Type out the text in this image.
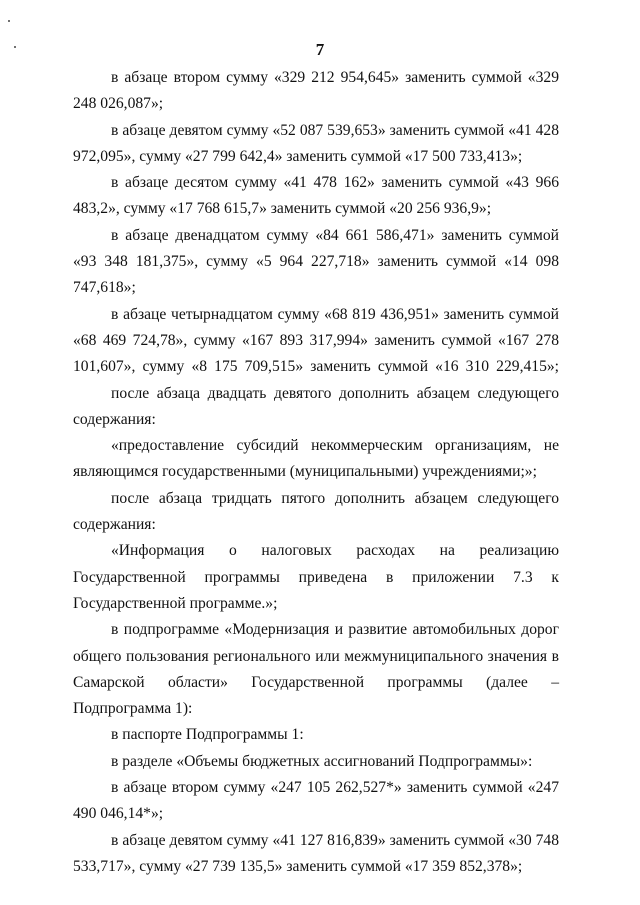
7

в абзаце втором сумму «329 212 954,645» заменить суммой «329 248 026,087»;

в абзаце девятом сумму «52 087 539,653» заменить суммой «41 428 972,095», сумму «27 799 642,4» заменить суммой «17 500 733,413»;

в абзаце десятом сумму «41 478 162» заменить суммой «43 966 483,2», сумму «17 768 615,7» заменить суммой «20 256 936,9»;

в абзаце двенадцатом сумму «84 661 586,471» заменить суммой «93 348 181,375», сумму «5 964 227,718» заменить суммой «14 098 747,618»;

в абзаце четырнадцатом сумму «68 819 436,951» заменить суммой «68 469 724,78», сумму «167 893 317,994» заменить суммой «167 278 101,607», сумму «8 175 709,515» заменить суммой «16 310 229,415»;

после абзаца двадцать девятого дополнить абзацем следующего содержания:

«предоставление субсидий некоммерческим организациям, не являющимся государственными (муниципальными) учреждениями;»;

после абзаца тридцать пятого дополнить абзацем следующего содержания:

«Информация о налоговых расходах на реализацию Государственной программы приведена в приложении 7.3 к Государственной программе.»;

в подпрограмме «Модернизация и развитие автомобильных дорог общего пользования регионального или межмуниципального значения в Самарской области» Государственной программы (далее – Подпрограмма 1):

в паспорте Подпрограммы 1:

в разделе «Объемы бюджетных ассигнований Подпрограммы»:

в абзаце втором сумму «247 105 262,527*» заменить суммой «247 490 046,14*»;

в абзаце девятом сумму «41 127 816,839» заменить суммой «30 748 533,717», сумму «27 739 135,5» заменить суммой «17 359 852,378»;
